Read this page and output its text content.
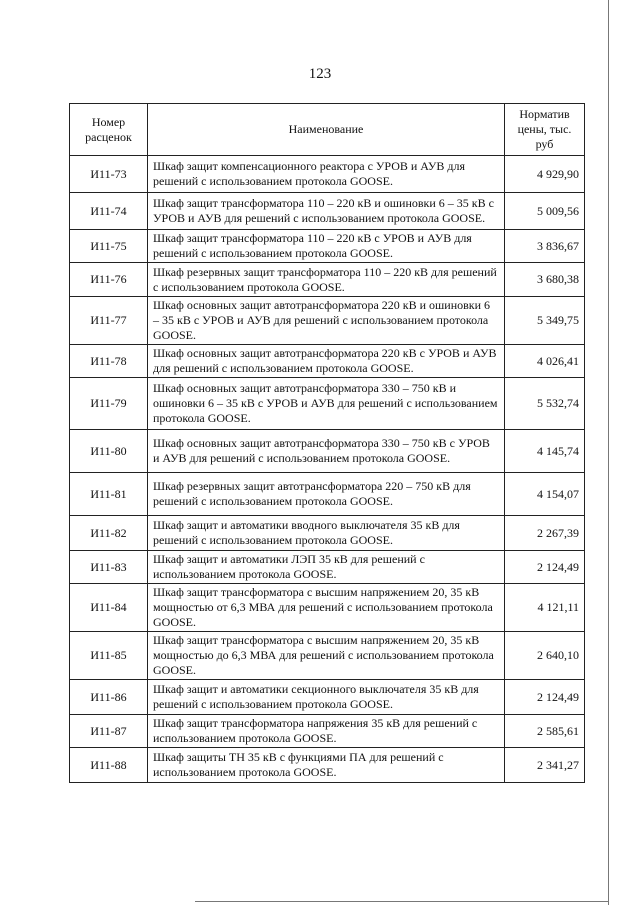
123
Номер расценок	Наименование	Норматив цены, тыс. руб
И11-73	Шкаф защит компенсационного реактора с УРОВ и АУВ для решений с использованием протокола GOOSE.	4 929,90
И11-74	Шкаф защит трансформатора 110 – 220 кВ и ошиновки 6 – 35 кВ с УРОВ и АУВ для решений с использованием протокола GOOSE.	5 009,56
И11-75	Шкаф защит трансформатора 110 – 220 кВ с УРОВ и АУВ для решений с использованием протокола GOOSE.	3 836,67
И11-76	Шкаф резервных защит трансформатора 110 – 220 кВ для решений с использованием протокола GOOSE.	3 680,38
И11-77	Шкаф основных защит автотрансформатора 220 кВ и ошиновки 6 – 35 кВ с УРОВ и АУВ для решений с использованием протокола GOOSE.	5 349,75
И11-78	Шкаф основных защит автотрансформатора 220 кВ с УРОВ и АУВ для решений с использованием протокола GOOSE.	4 026,41
И11-79	Шкаф основных защит автотрансформатора 330 – 750 кВ и ошиновки 6 – 35 кВ с УРОВ и АУВ для решений с использованием протокола GOOSE.	5 532,74
И11-80	Шкаф основных защит автотрансформатора 330 – 750 кВ с УРОВ и АУВ для решений с использованием протокола GOOSE.	4 145,74
И11-81	Шкаф резервных защит автотрансформатора 220 – 750 кВ для решений с использованием протокола GOOSE.	4 154,07
И11-82	Шкаф защит и автоматики вводного выключателя 35 кВ для решений с использованием протокола GOOSE.	2 267,39
И11-83	Шкаф защит и автоматики ЛЭП 35 кВ для решений с использованием протокола GOOSE.	2 124,49
И11-84	Шкаф защит трансформатора с высшим напряжением 20, 35 кВ мощностью от 6,3 МВА для решений с использованием протокола GOOSE.	4 121,11
И11-85	Шкаф защит трансформатора с высшим напряжением 20, 35 кВ мощностью до 6,3 МВА для решений с использованием протокола GOOSE.	2 640,10
И11-86	Шкаф защит и автоматики секционного выключателя 35 кВ для решений с использованием протокола GOOSE.	2 124,49
И11-87	Шкаф защит трансформатора напряжения 35 кВ для решений с использованием протокола GOOSE.	2 585,61
И11-88	Шкаф защиты ТН 35 кВ с функциями ПА для решений с использованием протокола GOOSE.	2 341,27
